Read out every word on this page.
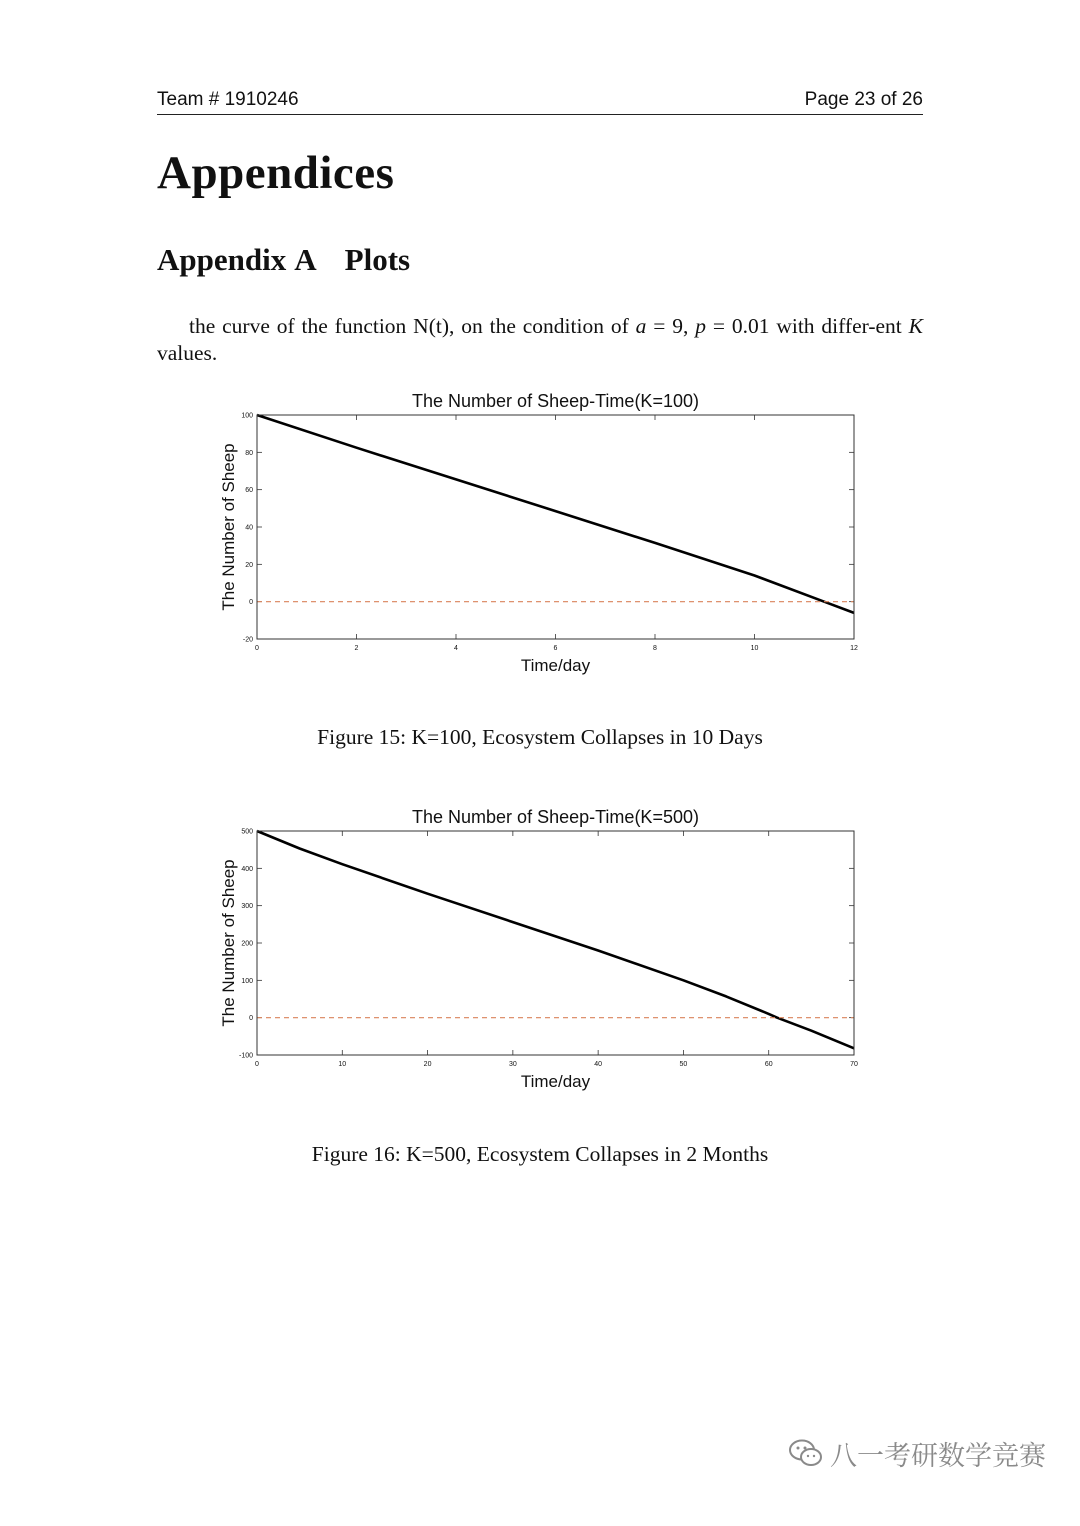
Team # 1910246	Page 23 of 26
Appendices
Appendix A Plots
the curve of the function N(t), on the condition of a = 9, p = 0.01 with differ-ent K values.
The Number of Sheep-Time(K=100)
0	2	4	6	8	10	12
-20
0
20
40
60
80
100
Time/day
The Number of Sheep
Figure 15: K=100, Ecosystem Collapses in 10 Days
The Number of Sheep-Time(K=500)
0	10	20	30	40	50	60	70
-100
0
100
200
300
400
500
Time/day
The Number of Sheep
Figure 16: K=500, Ecosystem Collapses in 2 Months
八一考研数学竞赛
